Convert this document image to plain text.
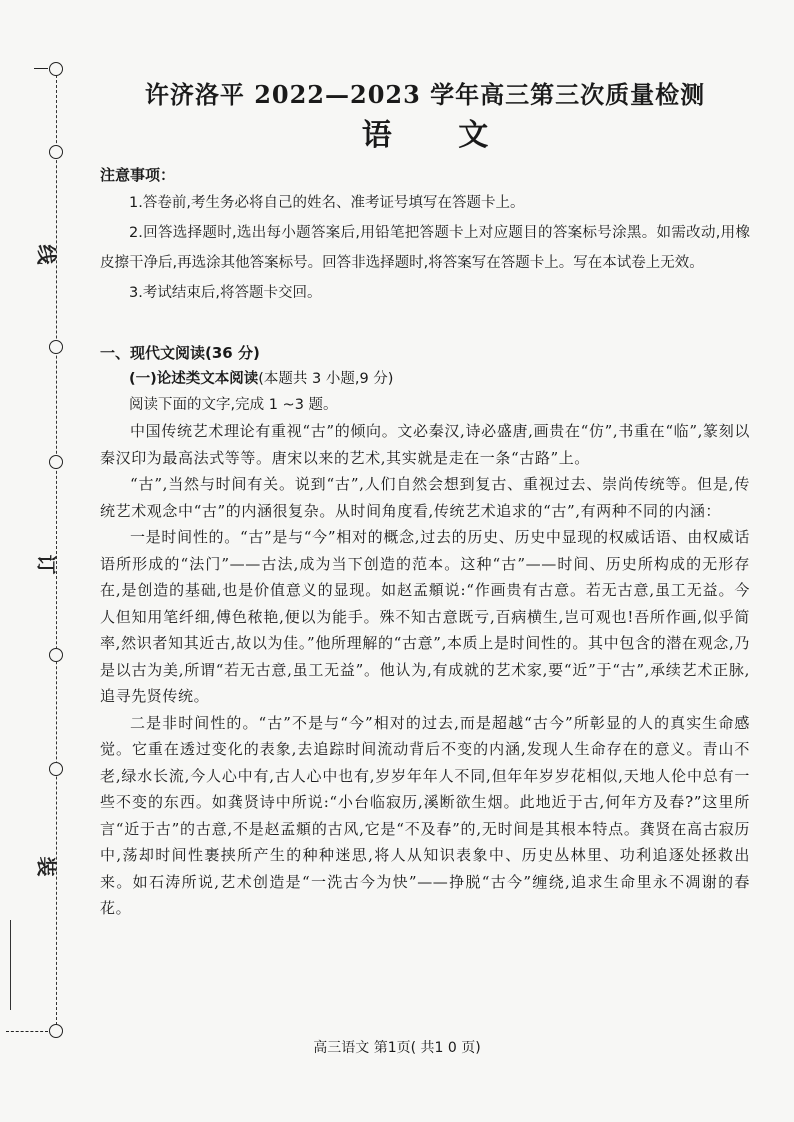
线
订
装
许济洛平 2022—2023 学年高三第三次质量检测
语 文
注意事项：

1.答卷前,考生务必将自己的姓名、准考证号填写在答题卡上。

2.回答选择题时,选出每小题答案后,用铅笔把答题卡上对应题目的答案标号涂黑。如需改动,用橡皮擦干净后,再选涂其他答案标号。回答非选择题时,将答案写在答题卡上。写在本试卷上无效。

3.考试结束后,将答题卡交回。

一、现代文阅读(36 分)
(一)论述类文本阅读(本题共 3 小题,9 分)
阅读下面的文字,完成 1 ~3 题。

中国传统艺术理论有重视“古”的倾向。文必秦汉,诗必盛唐,画贵在“仿”,书重在“临”,篆刻以秦汉印为最高法式等等。唐宋以来的艺术,其实就是走在一条“古路”上。

“古”,当然与时间有关。说到“古”,人们自然会想到复古、重视过去、崇尚传统等。但是,传统艺术观念中“古”的内涵很复杂。从时间角度看,传统艺术追求的“古”,有两种不同的内涵：

一是时间性的。“古”是与“今”相对的概念,过去的历史、历史中显现的权威话语、由权威话语所形成的“法门”——古法,成为当下创造的范本。这种“古”——时间、历史所构成的无形存在,是创造的基础,也是价值意义的显现。如赵孟頫说:“作画贵有古意。若无古意,虽工无益。今人但知用笔纤细,傅色秾艳,便以为能手。殊不知古意既亏,百病横生,岂可观也!吾所作画,似乎简率,然识者知其近古,故以为佳。”他所理解的“古意”,本质上是时间性的。其中包含的潜在观念,乃是以古为美,所谓“若无古意,虽工无益”。他认为,有成就的艺术家,要“近”于“古”,承续艺术正脉,追寻先贤传统。

二是非时间性的。“古”不是与“今”相对的过去,而是超越“古今”所彰显的人的真实生命感觉。它重在透过变化的表象,去追踪时间流动背后不变的内涵,发现人生命存在的意义。青山不老,绿水长流,今人心中有,古人心中也有,岁岁年年人不同,但年年岁岁花相似,天地人伦中总有一些不变的东西。如龚贤诗中所说:“小台临寂历,溪断欲生烟。此地近于古,何年方及春?”这里所言“近于古”的古意,不是赵孟頫的古风,它是“不及春”的,无时间是其根本特点。龚贤在高古寂历中,荡却时间性裹挟所产生的种种迷思,将人从知识表象中、历史丛林里、功利追逐处拯救出来。如石涛所说,艺术创造是“一洗古今为快”——挣脱“古今”缠绕,追求生命里永不凋谢的春花。

高三语文 第1页( 共1 0 页)
